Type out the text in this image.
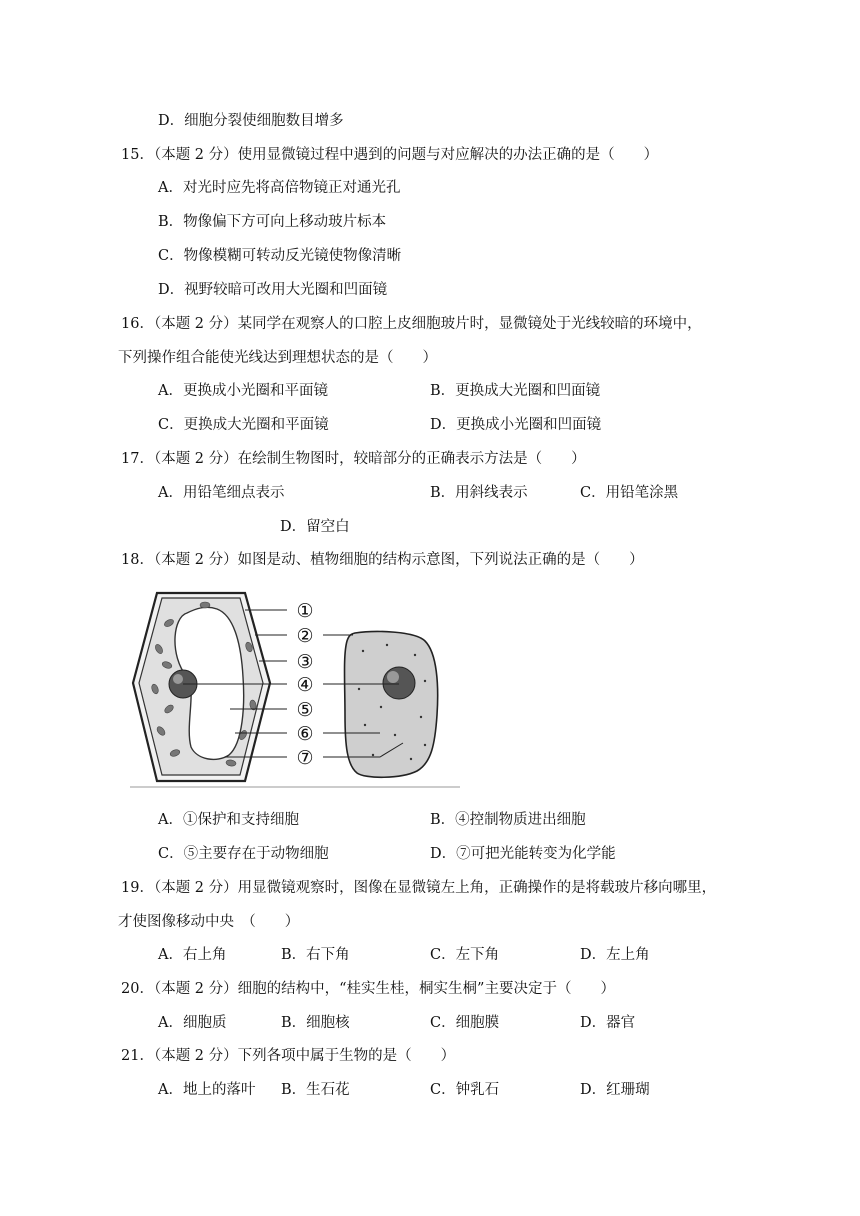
D．细胞分裂使细胞数目增多
15．（本题 2 分）使用显微镜过程中遇到的问题与对应解决的办法正确的是（　　）
A．对光时应先将高倍物镜正对通光孔
B．物像偏下方可向上移动玻片标本
C．物像模糊可转动反光镜使物像清晰
D．视野较暗可改用大光圈和凹面镜
16．（本题 2 分）某同学在观察人的口腔上皮细胞玻片时，显微镜处于光线较暗的环境中，
下列操作组合能使光线达到理想状态的是（　　）
A．更换成小光圈和平面镜	B．更换成大光圈和凹面镜
C．更换成大光圈和平面镜	D．更换成小光圈和凹面镜
17．（本题 2 分）在绘制生物图时，较暗部分的正确表示方法是（　　）
A．用铅笔细点表示	B．用斜线表示	C．用铅笔涂黑
D．留空白
18．（本题 2 分）如图是动、植物细胞的结构示意图，下列说法正确的是（　　）
①
②
③
④
⑤
⑥
⑦
A．①保护和支持细胞	B．④控制物质进出细胞
C．⑤主要存在于动物细胞	D．⑦可把光能转变为化学能
19．（本题 2 分）用显微镜观察时，图像在显微镜左上角，正确操作的是将载玻片移向哪里，
才使图像移动中央　（　　）
A．右上角	B．右下角	C．左下角	D．左上角
20．（本题 2 分）细胞的结构中，“桂实生桂，桐实生桐”主要决定于（　　）
A．细胞质	B．细胞核	C．细胞膜	D．器官
21．（本题 2 分）下列各项中属于生物的是（　　）
A．地上的落叶 B．生石花	C．钟乳石	D．红珊瑚
